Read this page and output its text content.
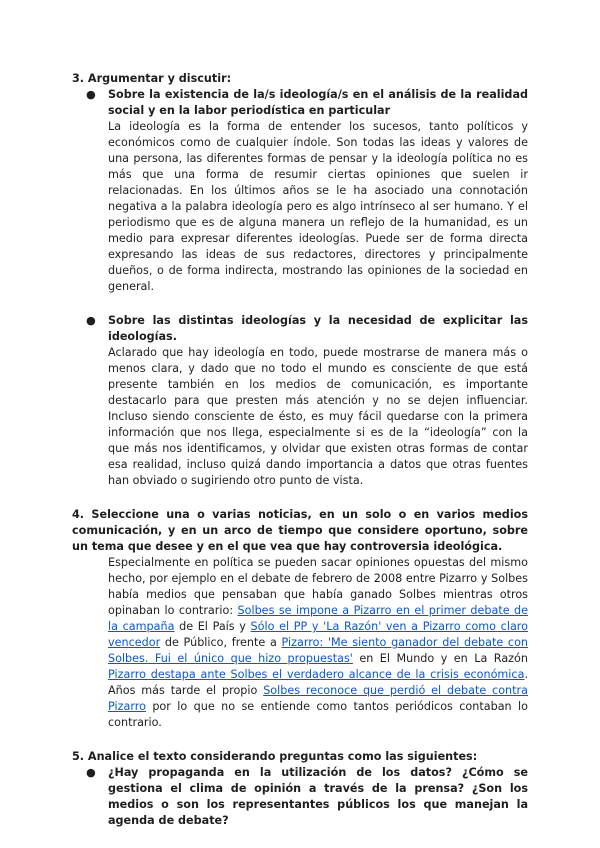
3. Argumentar y discutir:

● Sobre la existencia de la/s ideología/s en el análisis de la realidad social y en la labor periodística en particular

La ideología es la forma de entender los sucesos, tanto políticos y económicos como de cualquier índole. Son todas las ideas y valores de una persona, las diferentes formas de pensar y la ideología política no es más que una forma de resumir ciertas opiniones que suelen ir relacionadas. En los últimos años se le ha asociado una connotación negativa a la palabra ideología pero es algo intrínseco al ser humano. Y el periodismo que es de alguna manera un reflejo de la humanidad, es un medio para expresar diferentes ideologías. Puede ser de forma directa expresando las ideas de sus redactores, directores y principalmente dueños, o de forma indirecta, mostrando las opiniones de la sociedad en general.

● Sobre las distintas ideologías y la necesidad de explicitar las ideologías.

Aclarado que hay ideología en todo, puede mostrarse de manera más o menos clara, y dado que no todo el mundo es consciente de que está presente también en los medios de comunicación, es importante destacarlo para que presten más atención y no se dejen influenciar. Incluso siendo consciente de ésto, es muy fácil quedarse con la primera información que nos llega, especialmente si es de la “ideología” con la que más nos identificamos, y olvidar que existen otras formas de contar esa realidad, incluso quizá dando importancia a datos que otras fuentes han obviado o sugiriendo otro punto de vista.

4. Seleccione una o varias noticias, en un solo o en varios medios comunicación, y en un arco de tiempo que considere oportuno, sobre un tema que desee y en el que vea que hay controversia ideológica.

Especialmente en política se pueden sacar opiniones opuestas del mismo hecho, por ejemplo en el debate de febrero de 2008 entre Pizarro y Solbes había medios que pensaban que había ganado Solbes mientras otros opinaban lo contrario: Solbes se impone a Pizarro en el primer debate de la campaña de El País y Sólo el PP y 'La Razón' ven a Pizarro como claro vencedor de Público, frente a Pizarro: 'Me siento ganador del debate con Solbes. Fui el único que hizo propuestas' en El Mundo y en La Razón Pizarro destapa ante Solbes el verdadero alcance de la crisis económica. Años más tarde el propio Solbes reconoce que perdió el debate contra Pizarro por lo que no se entiende como tantos periódicos contaban lo contrario.

5. Analice el texto considerando preguntas como las siguientes:

● ¿Hay propaganda en la utilización de los datos? ¿Cómo se gestiona el clima de opinión a través de la prensa? ¿Son los medios o son los representantes públicos los que manejan la agenda de debate?
